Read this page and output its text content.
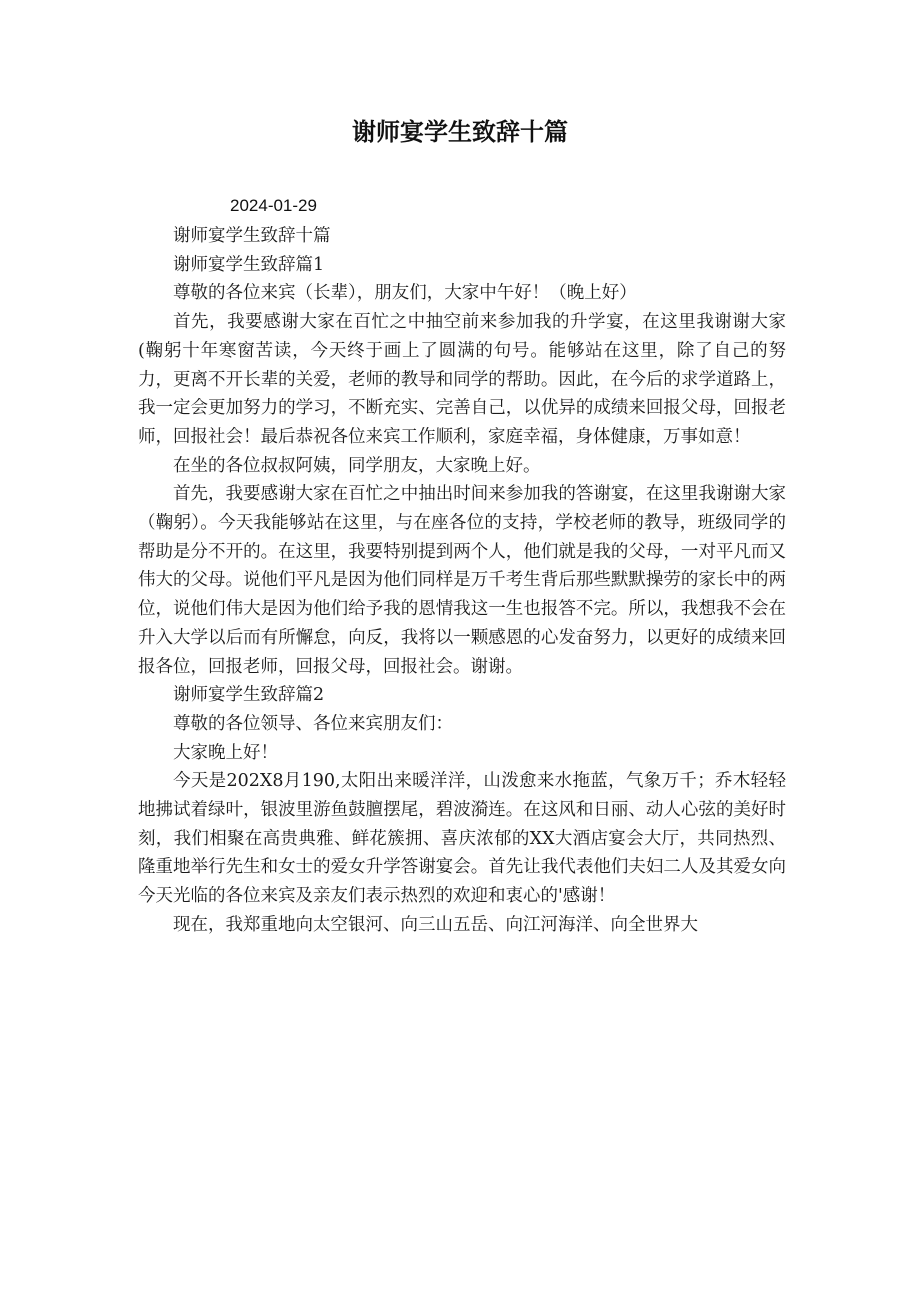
谢师宴学生致辞十篇
2024-01-29

谢师宴学生致辞十篇

谢师宴学生致辞篇1

尊敬的各位来宾（长辈），朋友们，大家中午好！（晚上好）

首先，我要感谢大家在百忙之中抽空前来参加我的升学宴，在这里我谢谢大家(鞠躬十年寒窗苦读，今天终于画上了圆满的句号。能够站在这里，除了自己的努力，更离不开长辈的关爱，老师的教导和同学的帮助。因此，在今后的求学道路上，我一定会更加努力的学习，不断充实、完善自己，以优异的成绩来回报父母，回报老师，回报社会！最后恭祝各位来宾工作顺利，家庭幸福，身体健康，万事如意！

在坐的各位叔叔阿姨，同学朋友，大家晚上好。

首先，我要感谢大家在百忙之中抽出时间来参加我的答谢宴，在这里我谢谢大家（鞠躬）。今天我能够站在这里，与在座各位的支持，学校老师的教导，班级同学的帮助是分不开的。在这里，我要特别提到两个人，他们就是我的父母，一对平凡而又伟大的父母。说他们平凡是因为他们同样是万千考生背后那些默默操劳的家长中的两位，说他们伟大是因为他们给予我的恩情我这一生也报答不完。所以，我想我不会在升入大学以后而有所懈怠，向反，我将以一颗感恩的心发奋努力，以更好的成绩来回报各位，回报老师，回报父母，回报社会。谢谢。

谢师宴学生致辞篇2

尊敬的各位领导、各位来宾朋友们：

大家晚上好！

今天是202X8月190,太阳出来暖洋洋，山泼愈来水拖蓝，气象万千；乔木轻轻地拂试着绿叶，银波里游鱼鼓膻摆尾，碧波漪连。在这风和日丽、动人心弦的美好时刻，我们相聚在高贵典雅、鲜花簇拥、喜庆浓郁的XX大酒店宴会大厅，共同热烈、隆重地举行先生和女士的爱女升学答谢宴会。首先让我代表他们夫妇二人及其爱女向今天光临的各位来宾及亲友们表示热烈的欢迎和衷心的'感谢！

现在，我郑重地向太空银河、向三山五岳、向江河海洋、向全世界大
